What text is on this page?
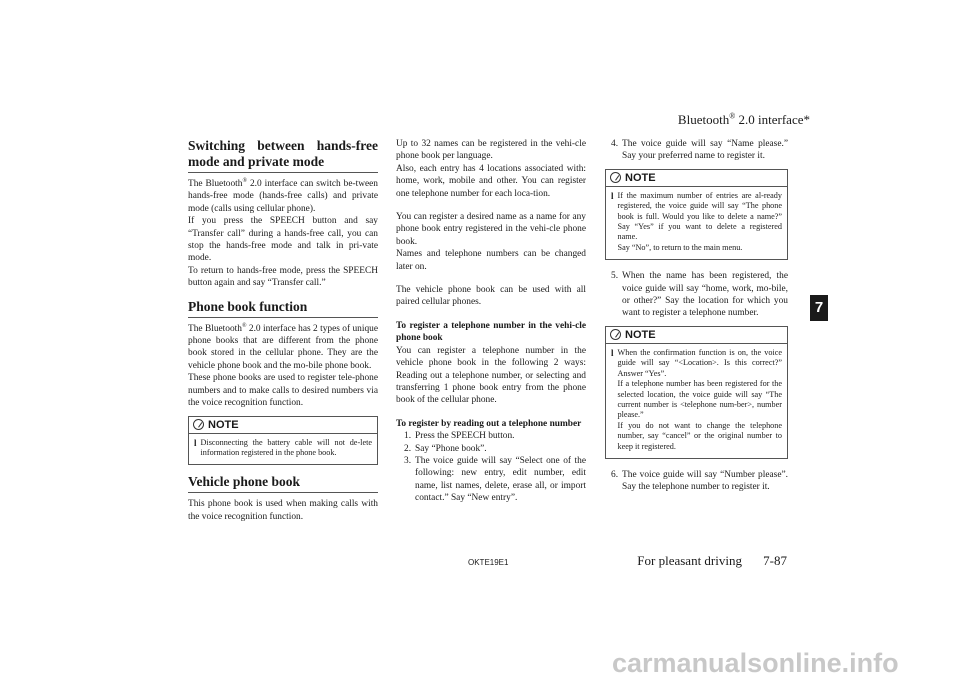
Bluetooth® 2.0 interface*
7
Switching between hands-free mode and private mode

The Bluetooth® 2.0 interface can switch be-tween hands-free mode (hands-free calls) and private mode (calls using cellular phone).

If you press the SPEECH button and say “Transfer call” during a hands-free call, you can stop the hands-free mode and talk in pri-vate mode.

To return to hands-free mode, press the SPEECH button again and say “Transfer call.”

Phone book function

The Bluetooth® 2.0 interface has 2 types of unique phone books that are different from the phone book stored in the cellular phone. They are the vehicle phone book and the mo-bile phone book.

These phone books are used to register tele-phone numbers and to make calls to desired numbers via the voice recognition function.

NOTE
l Disconnecting the battery cable will not de-lete information registered in the phone book.
Vehicle phone book

This phone book is used when making calls with the voice recognition function.

Up to 32 names can be registered in the vehi-cle phone book per language.

Also, each entry has 4 locations associated with: home, work, mobile and other. You can register one telephone number for each loca-tion.

You can register a desired name as a name for any phone book entry registered in the vehi-cle phone book.

Names and telephone numbers can be changed later on.

The vehicle phone book can be used with all paired cellular phones.

To register a telephone number in the vehi-cle phone book

You can register a telephone number in the vehicle phone book in the following 2 ways: Reading out a telephone number, or selecting and transferring 1 phone book entry from the phone book of the cellular phone.

To register by reading out a telephone number

1. Press the SPEECH button.
2. Say “Phone book”.
3. The voice guide will say “Select one of the following: new entry, edit number, edit name, list names, delete, erase all, or import contact.” Say “New entry”.
4. The voice guide will say “Name please.” Say your preferred name to register it.
NOTE
l If the maximum number of entries are al-ready registered, the voice guide will say “The phone book is full. Would you like to delete a name?” Say “Yes” if you want to delete a registered name.
Say “No”, to return to the main menu.
5. When the name has been registered, the voice guide will say “home, work, mo-bile, or other?” Say the location for which you want to register a telephone number.
NOTE
l When the confirmation function is on, the voice guide will say “<Location>. Is this correct?” Answer “Yes”.
If a telephone number has been registered for the selected location, the voice guide will say “The current number is <telephone num-ber>, number please.”
If you do not want to change the telephone number, say “cancel” or the original number to keep it registered.
6. The voice guide will say “Number please”. Say the telephone number to register it.
OKTE19E1	For pleasant driving 7-87
carmanualsonline.info
